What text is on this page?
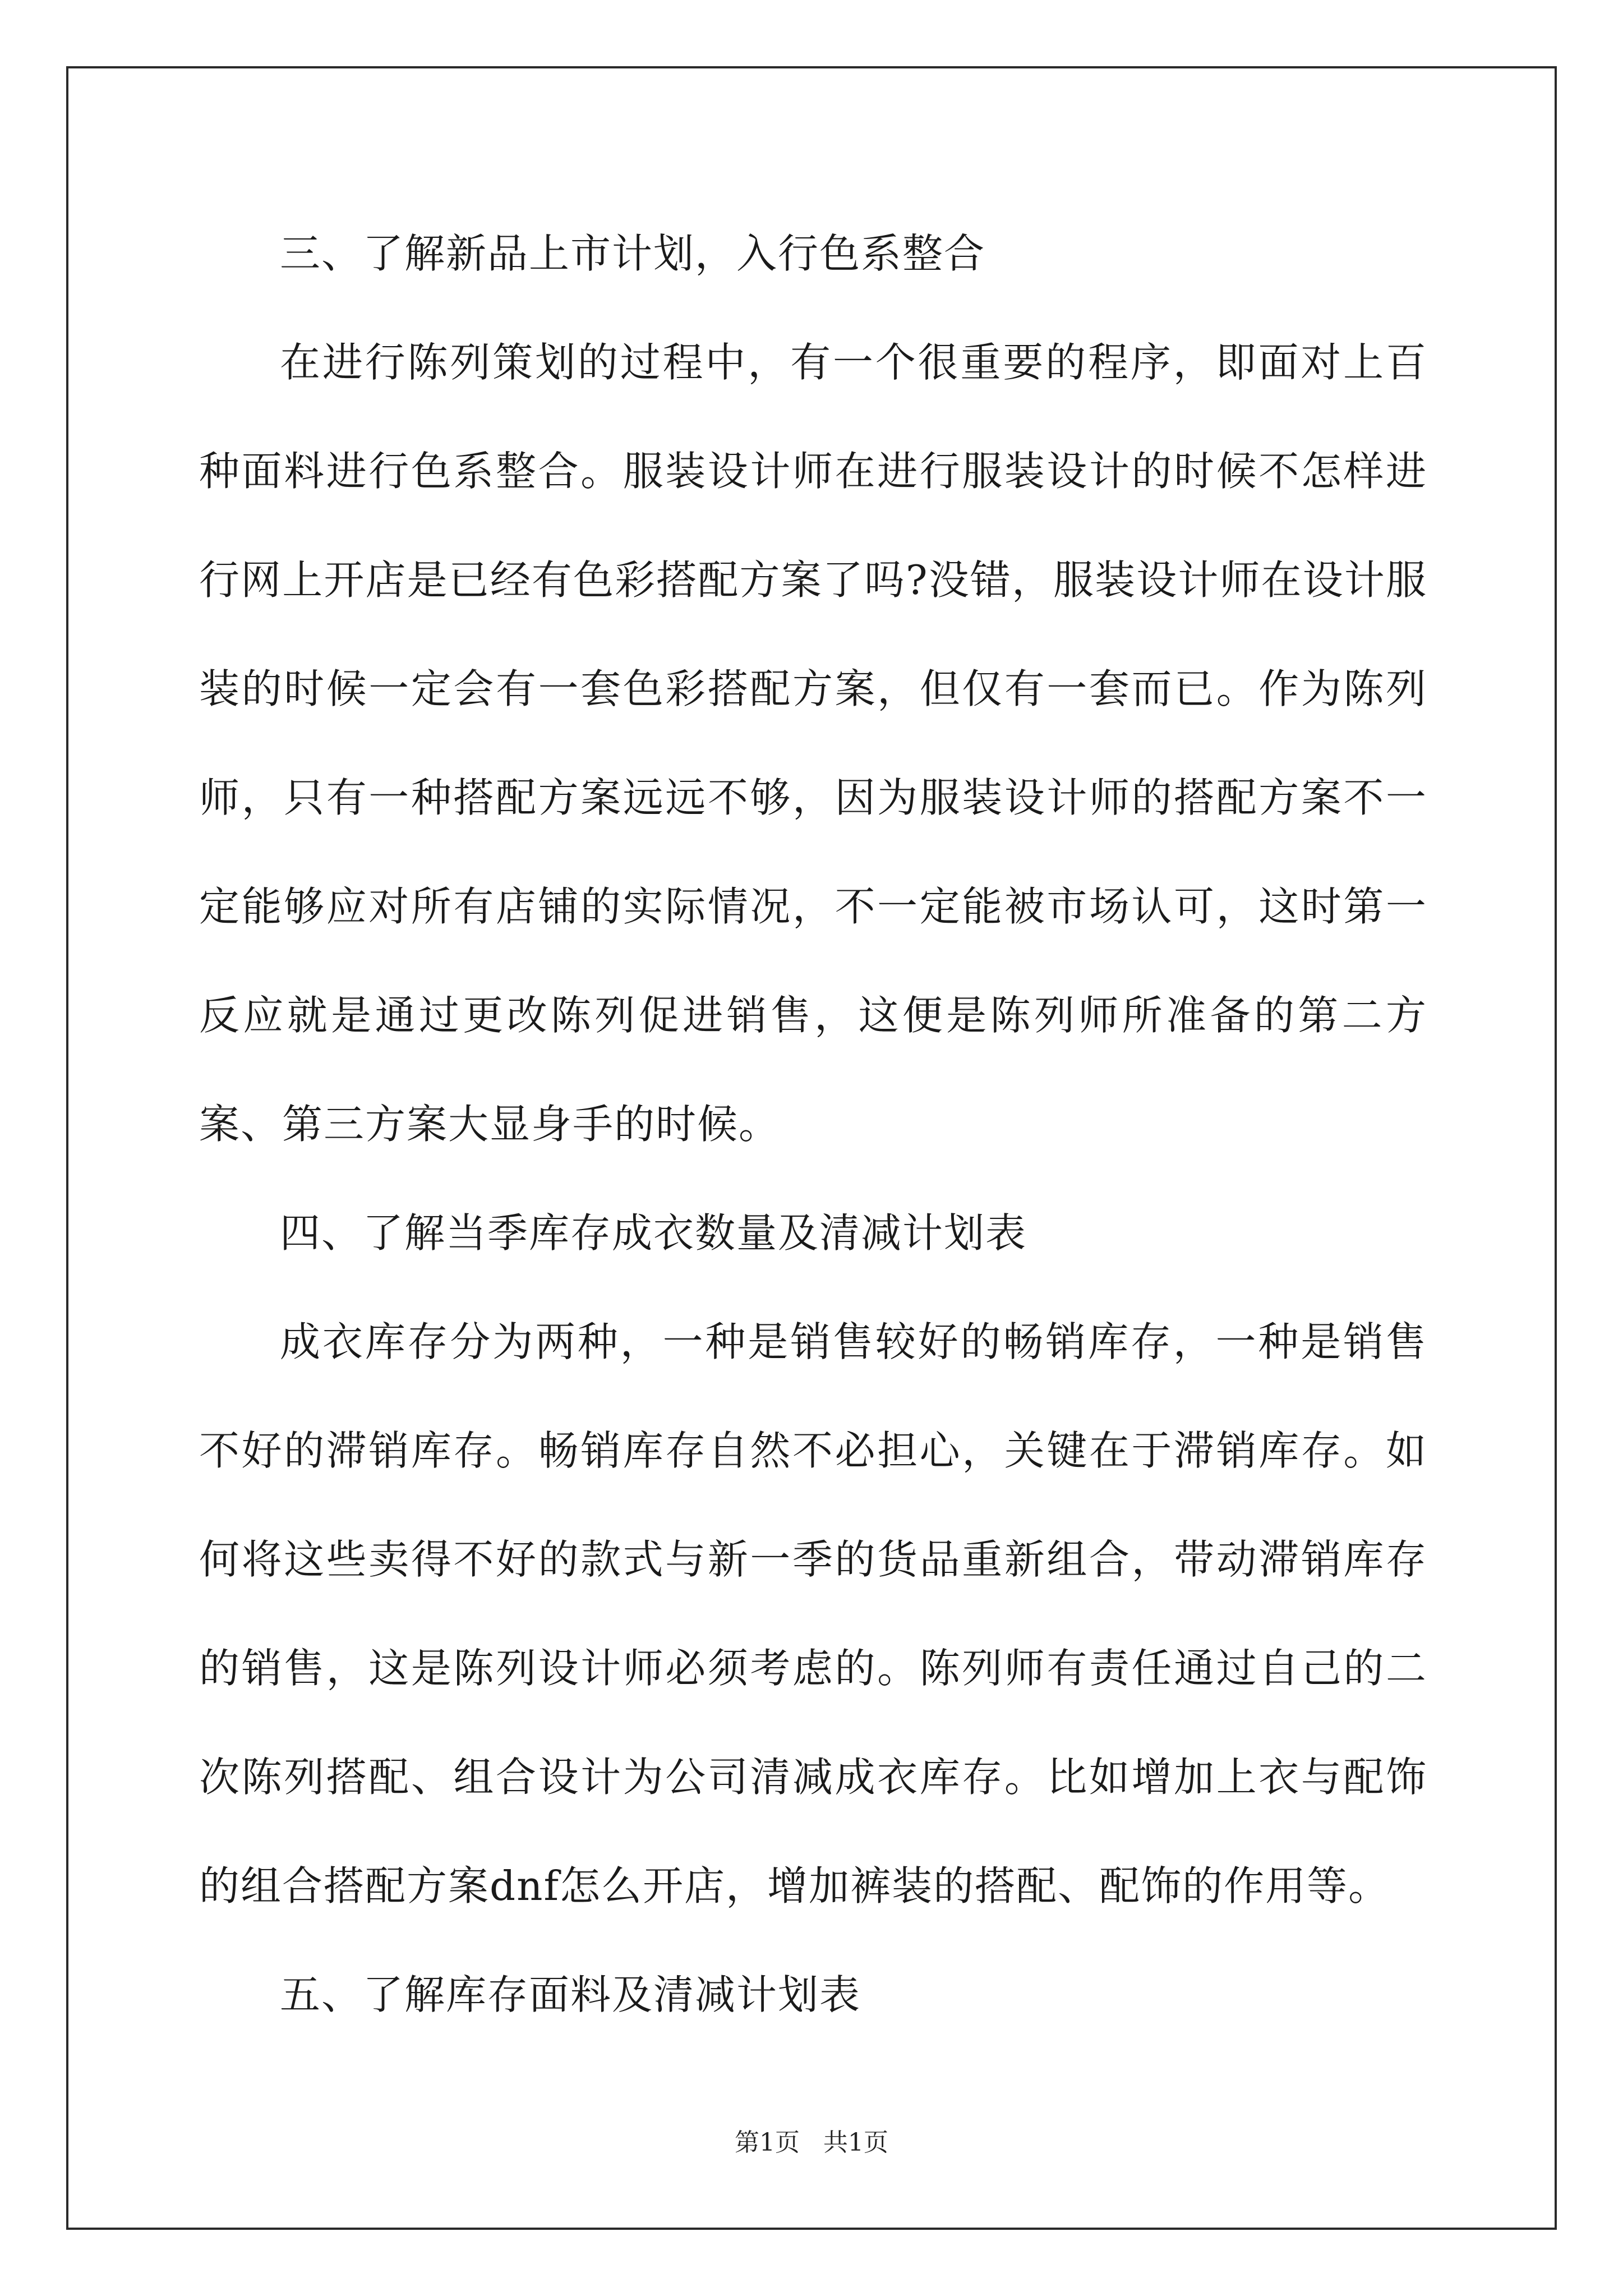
三、了解新品上市计划，入行色系整合

在进行陈列策划的过程中，有一个很重要的程序，即面对上百种面料进行色系整合。服装设计师在进行服装设计的时候不怎样进行网上开店是已经有色彩搭配方案了吗?没错，服装设计师在设计服装的时候一定会有一套色彩搭配方案，但仅有一套而已。作为陈列师，只有一种搭配方案远远不够，因为服装设计师的搭配方案不一定能够应对所有店铺的实际情况，不一定能被市场认可，这时第一反应就是通过更改陈列促进销售，这便是陈列师所准备的第二方案、第三方案大显身手的时候。

四、了解当季库存成衣数量及清减计划表

成衣库存分为两种，一种是销售较好的畅销库存，一种是销售不好的滞销库存。畅销库存自然不必担心，关键在于滞销库存。如何将这些卖得不好的款式与新一季的货品重新组合，带动滞销库存的销售，这是陈列设计师必须考虑的。陈列师有责任通过自己的二次陈列搭配、组合设计为公司清减成衣库存。比如增加上衣与配饰的组合搭配方案dnf怎么开店，增加裤装的搭配、配饰的作用等。

五、了解库存面料及清减计划表

第1页 共1页
